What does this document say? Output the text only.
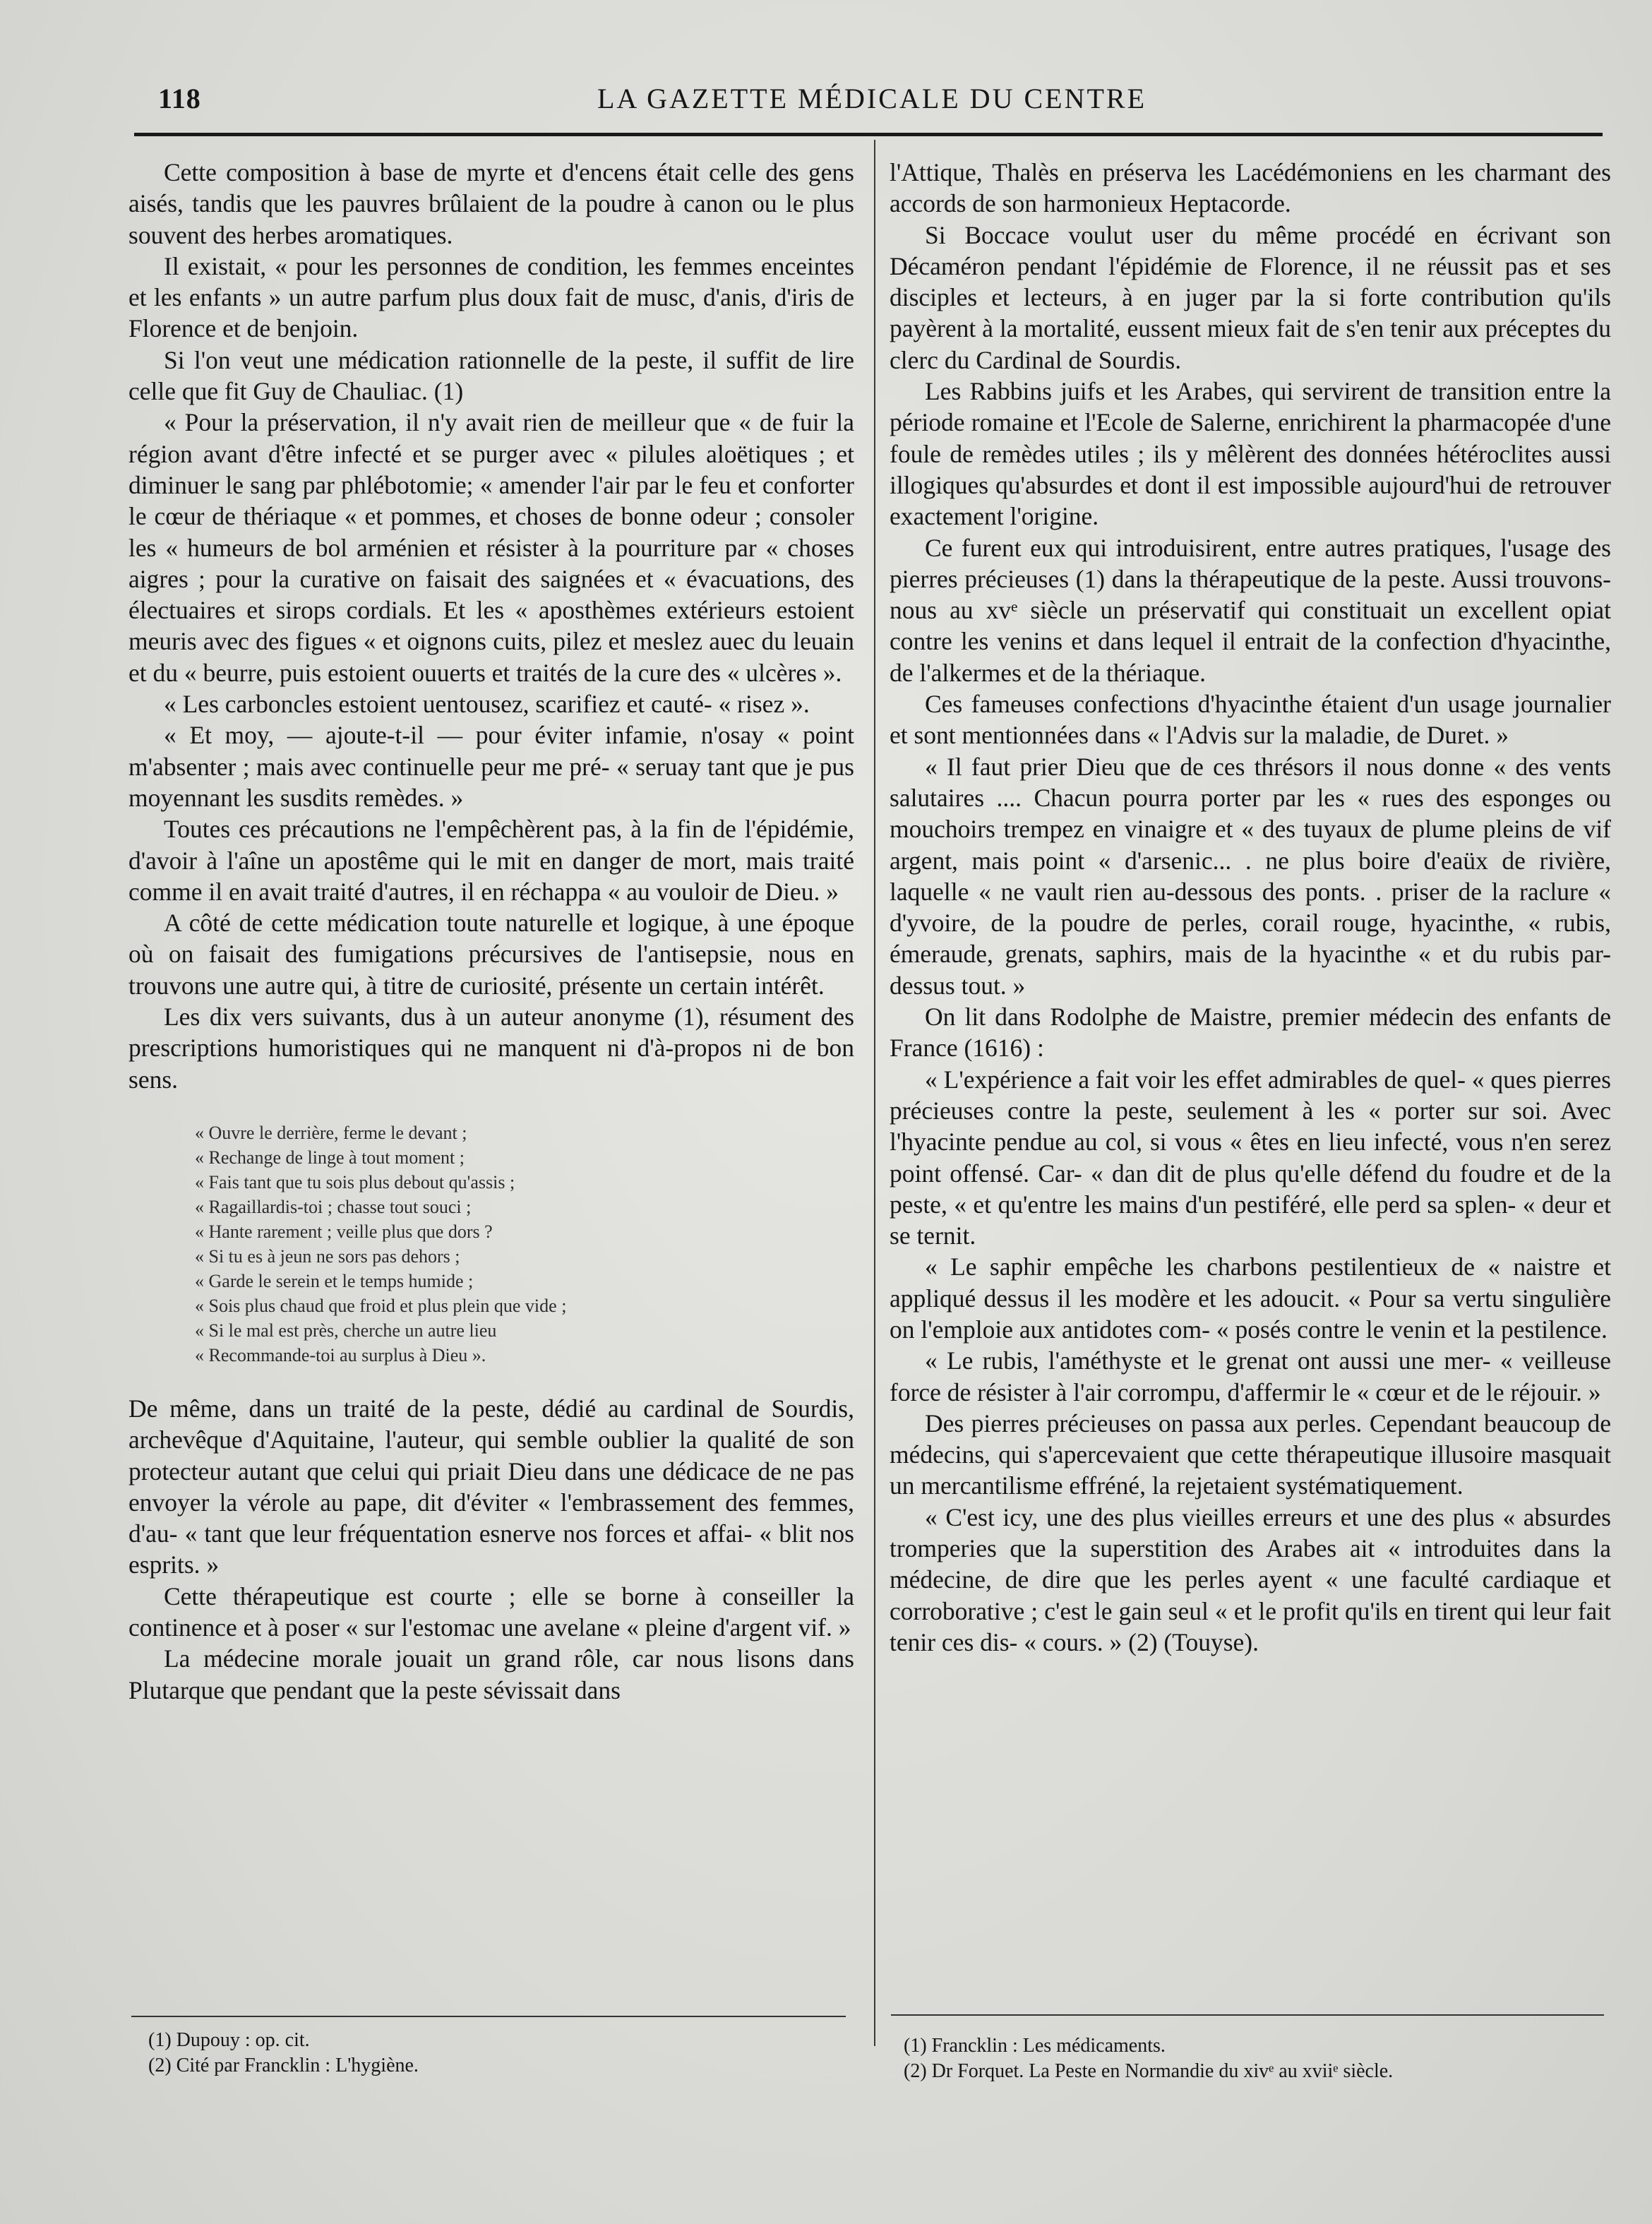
118	LA GAZETTE MÉDICALE DU CENTRE

Cette composition à base de myrte et d'encens était celle des gens aisés, tandis que les pauvres brûlaient de la poudre à canon ou le plus souvent des herbes aromatiques.

Il existait, « pour les personnes de condition, les femmes enceintes et les enfants » un autre parfum plus doux fait de musc, d'anis, d'iris de Florence et de benjoin.

Si l'on veut une médication rationnelle de la peste, il suffit de lire celle que fit Guy de Chauliac. (1)

« Pour la préservation, il n'y avait rien de meilleur que « de fuir la région avant d'être infecté et se purger avec « pilules aloëtiques ; et diminuer le sang par phlébotomie; « amender l'air par le feu et conforter le cœur de thériaque « et pommes, et choses de bonne odeur ; consoler les « humeurs de bol arménien et résister à la pourriture par « choses aigres ; pour la curative on faisait des saignées et « évacuations, des électuaires et sirops cordials. Et les « aposthèmes extérieurs estoient meuris avec des figues « et oignons cuits, pilez et meslez auec du leuain et du « beurre, puis estoient ouuerts et traités de la cure des « ulcères ».

« Les carboncles estoient uentousez, scarifiez et cauté- « risez ».

« Et moy, — ajoute-t-il — pour éviter infamie, n'osay « point m'absenter ; mais avec continuelle peur me pré- « seruay tant que je pus moyennant les susdits remèdes. »

Toutes ces précautions ne l'empêchèrent pas, à la fin de l'épidémie, d'avoir à l'aîne un apostême qui le mit en danger de mort, mais traité comme il en avait traité d'autres, il en réchappa « au vouloir de Dieu. »

A côté de cette médication toute naturelle et logique, à une époque où on faisait des fumigations précursives de l'antisepsie, nous en trouvons une autre qui, à titre de curiosité, présente un certain intérêt.

Les dix vers suivants, dus à un auteur anonyme (1), résument des prescriptions humoristiques qui ne manquent ni d'à-propos ni de bon sens.

« Ouvre le derrière, ferme le devant ;
« Rechange de linge à tout moment ;
« Fais tant que tu sois plus debout qu'assis ;
« Ragaillardis-toi ; chasse tout souci ;
« Hante rarement ; veille plus que dors ?
« Si tu es à jeun ne sors pas dehors ;
« Garde le serein et le temps humide ;
« Sois plus chaud que froid et plus plein que vide ;
« Si le mal est près, cherche un autre lieu
« Recommande-toi au surplus à Dieu ».

De même, dans un traité de la peste, dédié au cardinal de Sourdis, archevêque d'Aquitaine, l'auteur, qui semble oublier la qualité de son protecteur autant que celui qui priait Dieu dans une dédicace de ne pas envoyer la vérole au pape, dit d'éviter « l'embrassement des femmes, d'au- « tant que leur fréquentation esnerve nos forces et affai- « blit nos esprits. »

Cette thérapeutique est courte ; elle se borne à conseiller la continence et à poser « sur l'estomac une avelane « pleine d'argent vif. »

La médecine morale jouait un grand rôle, car nous lisons dans Plutarque que pendant que la peste sévissait dans

l'Attique, Thalès en préserva les Lacédémoniens en les charmant des accords de son harmonieux Heptacorde.

Si Boccace voulut user du même procédé en écrivant son Décaméron pendant l'épidémie de Florence, il ne réussit pas et ses disciples et lecteurs, à en juger par la si forte contribution qu'ils payèrent à la mortalité, eussent mieux fait de s'en tenir aux préceptes du clerc du Cardinal de Sourdis.

Les Rabbins juifs et les Arabes, qui servirent de transition entre la période romaine et l'Ecole de Salerne, enrichirent la pharmacopée d'une foule de remèdes utiles ; ils y mêlèrent des données hétéroclites aussi illogiques qu'absurdes et dont il est impossible aujourd'hui de retrouver exactement l'origine.

Ce furent eux qui introduisirent, entre autres pratiques, l'usage des pierres précieuses (1) dans la thérapeutique de la peste. Aussi trouvons-nous au xvᵉ siècle un préservatif qui constituait un excellent opiat contre les venins et dans lequel il entrait de la confection d'hyacinthe, de l'alkermes et de la thériaque.

Ces fameuses confections d'hyacinthe étaient d'un usage journalier et sont mentionnées dans « l'Advis sur la maladie, de Duret. »

« Il faut prier Dieu que de ces thrésors il nous donne « des vents salutaires .... Chacun pourra porter par les « rues des esponges ou mouchoirs trempez en vinaigre et « des tuyaux de plume pleins de vif argent, mais point « d'arsenic... . ne plus boire d'eaüx de rivière, laquelle « ne vault rien au-dessous des ponts. . priser de la raclure « d'yvoire, de la poudre de perles, corail rouge, hyacinthe, « rubis, émeraude, grenats, saphirs, mais de la hyacinthe « et du rubis par-dessus tout. »

On lit dans Rodolphe de Maistre, premier médecin des enfants de France (1616) :

« L'expérience a fait voir les effet admirables de quel- « ques pierres précieuses contre la peste, seulement à les « porter sur soi. Avec l'hyacinte pendue au col, si vous « êtes en lieu infecté, vous n'en serez point offensé. Car- « dan dit de plus qu'elle défend du foudre et de la peste, « et qu'entre les mains d'un pestiféré, elle perd sa splen- « deur et se ternit.

« Le saphir empêche les charbons pestilentieux de « naistre et appliqué dessus il les modère et les adoucit. « Pour sa vertu singulière on l'emploie aux antidotes com- « posés contre le venin et la pestilence.

« Le rubis, l'améthyste et le grenat ont aussi une mer- « veilleuse force de résister à l'air corrompu, d'affermir le « cœur et de le réjouir. »

Des pierres précieuses on passa aux perles. Cependant beaucoup de médecins, qui s'apercevaient que cette thérapeutique illusoire masquait un mercantilisme effréné, la rejetaient systématiquement.

« C'est icy, une des plus vieilles erreurs et une des plus « absurdes tromperies que la superstition des Arabes ait « introduites dans la médecine, de dire que les perles ayent « une faculté cardiaque et corroborative ; c'est le gain seul « et le profit qu'ils en tirent qui leur fait tenir ces dis- « cours. » (2) (Touyse).

(1) Dupouy : op. cit.
(2) Cité par Francklin : L'hygiène.
(1) Francklin : Les médicaments.
(2) Dr Forquet. La Peste en Normandie du xivᵉ au xviiᵉ siècle.
